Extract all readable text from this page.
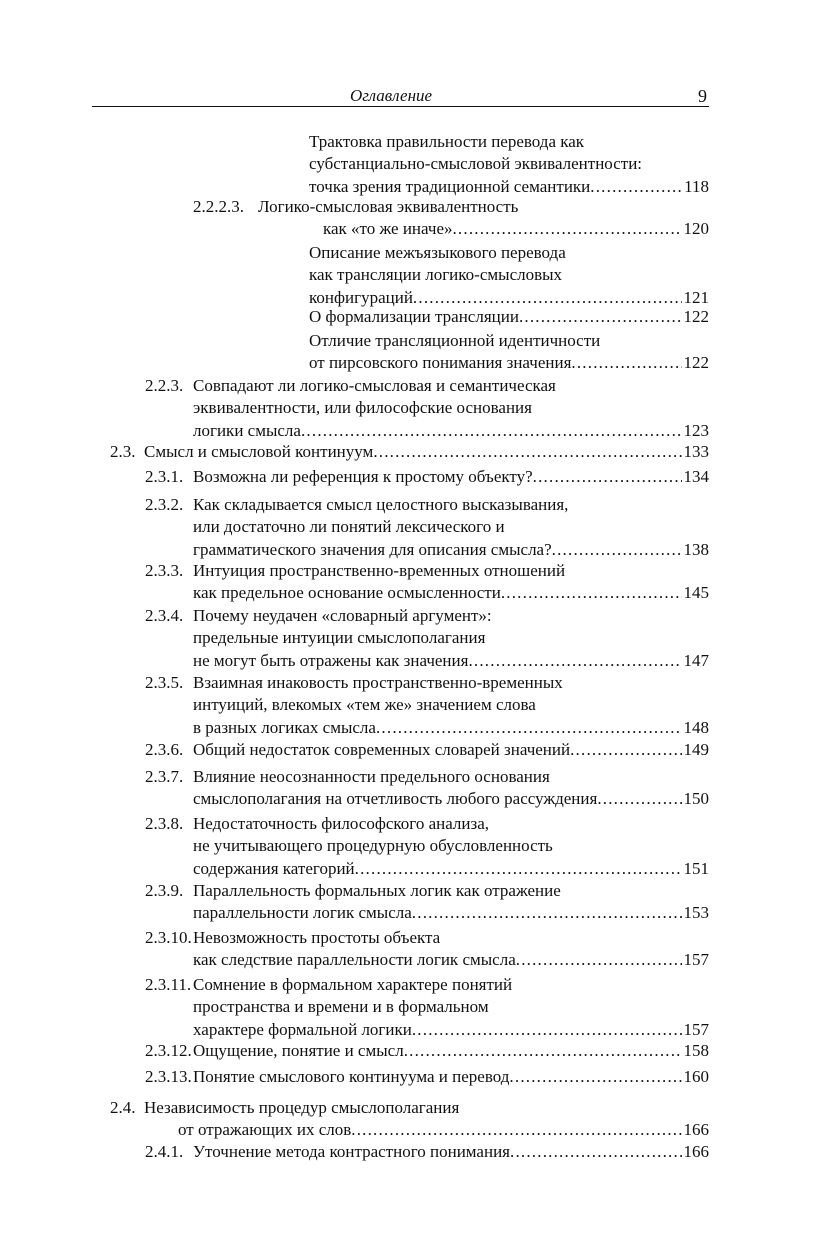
Оглавление	9
Трактовка правильности перевода как
субстанциально-смысловой эквивалентности:
точка зрения традиционной семантики .....	118
2.2.2.3. Логико-смысловая эквивалентность
как «то же иначе» .....	120
Описание межъязыкового перевода
как трансляции логико-смысловых
конфигураций .....	121
О формализации трансляции .....	122
Отличие трансляционной идентичности
от пирсовского понимания значения .....	122
2.2.3. Совпадают ли логико-смысловая и семантическая
эквивалентности, или философские основания
логики смысла .....	123
2.3. Смысл и смысловой континуум .....	133
2.3.1. Возможна ли референция к простому объекту? .....	134
2.3.2. Как складывается смысл целостного высказывания,
или достаточно ли понятий лексического и
грамматического значения для описания смысла? .....	138
2.3.3. Интуиция пространственно-временных отношений
как предельное основание осмысленности .....	145
2.3.4. Почему неудачен «словарный аргумент»:
предельные интуиции смыслополагания
не могут быть отражены как значения .....	147
2.3.5. Взаимная инаковость пространственно-временных
интуиций, влекомых «тем же» значением слова
в разных логиках смысла .....	148
2.3.6. Общий недостаток современных словарей значений .....	149
2.3.7. Влияние неосознанности предельного основания
смыслополагания на отчетливость любого рассуждения .....	150
2.3.8. Недостаточность философского анализа,
не учитывающего процедурную обусловленность
содержания категорий .....	151
2.3.9. Параллельность формальных логик как отражение
параллельности логик смысла .....	153
2.3.10. Невозможность простоты объекта
как следствие параллельности логик смысла .....	157
2.3.11. Сомнение в формальном характере понятий
пространства и времени и в формальном
характере формальной логики .....	157
2.3.12. Ощущение, понятие и смысл .....	158
2.3.13. Понятие смыслового континуума и перевод .....	160
2.4. Независимость процедур смыслополагания
от отражающих их слов .....	166
2.4.1. Уточнение метода контрастного понимания .....	166
